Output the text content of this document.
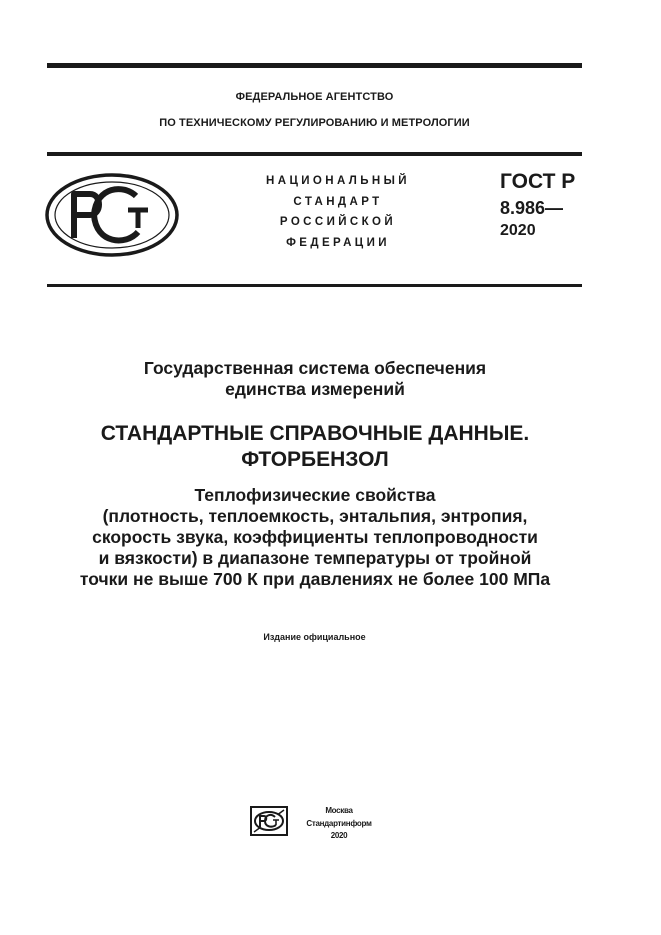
ФЕДЕРАЛЬНОЕ АГЕНТСТВО
ПО ТЕХНИЧЕСКОМУ РЕГУЛИРОВАНИЮ И МЕТРОЛОГИИ
НАЦИОНАЛЬНЫЙ
СТАНДАРТ
РОССИЙСКОЙ
ФЕДЕРАЦИИ
ГОСТ Р
8.986—
2020
Государственная система обеспечения
единства измерений
СТАНДАРТНЫЕ СПРАВОЧНЫЕ ДАННЫЕ.
ФТОРБЕНЗОЛ
Теплофизические свойства
(плотность, теплоемкость, энтальпия, энтропия,
скорость звука, коэффициенты теплопроводности
и вязкости) в диапазоне температуры от тройной
точки не выше 700 К при давлениях не более 100 МПа
Издание официальное
Москва
Стандартинформ
2020
